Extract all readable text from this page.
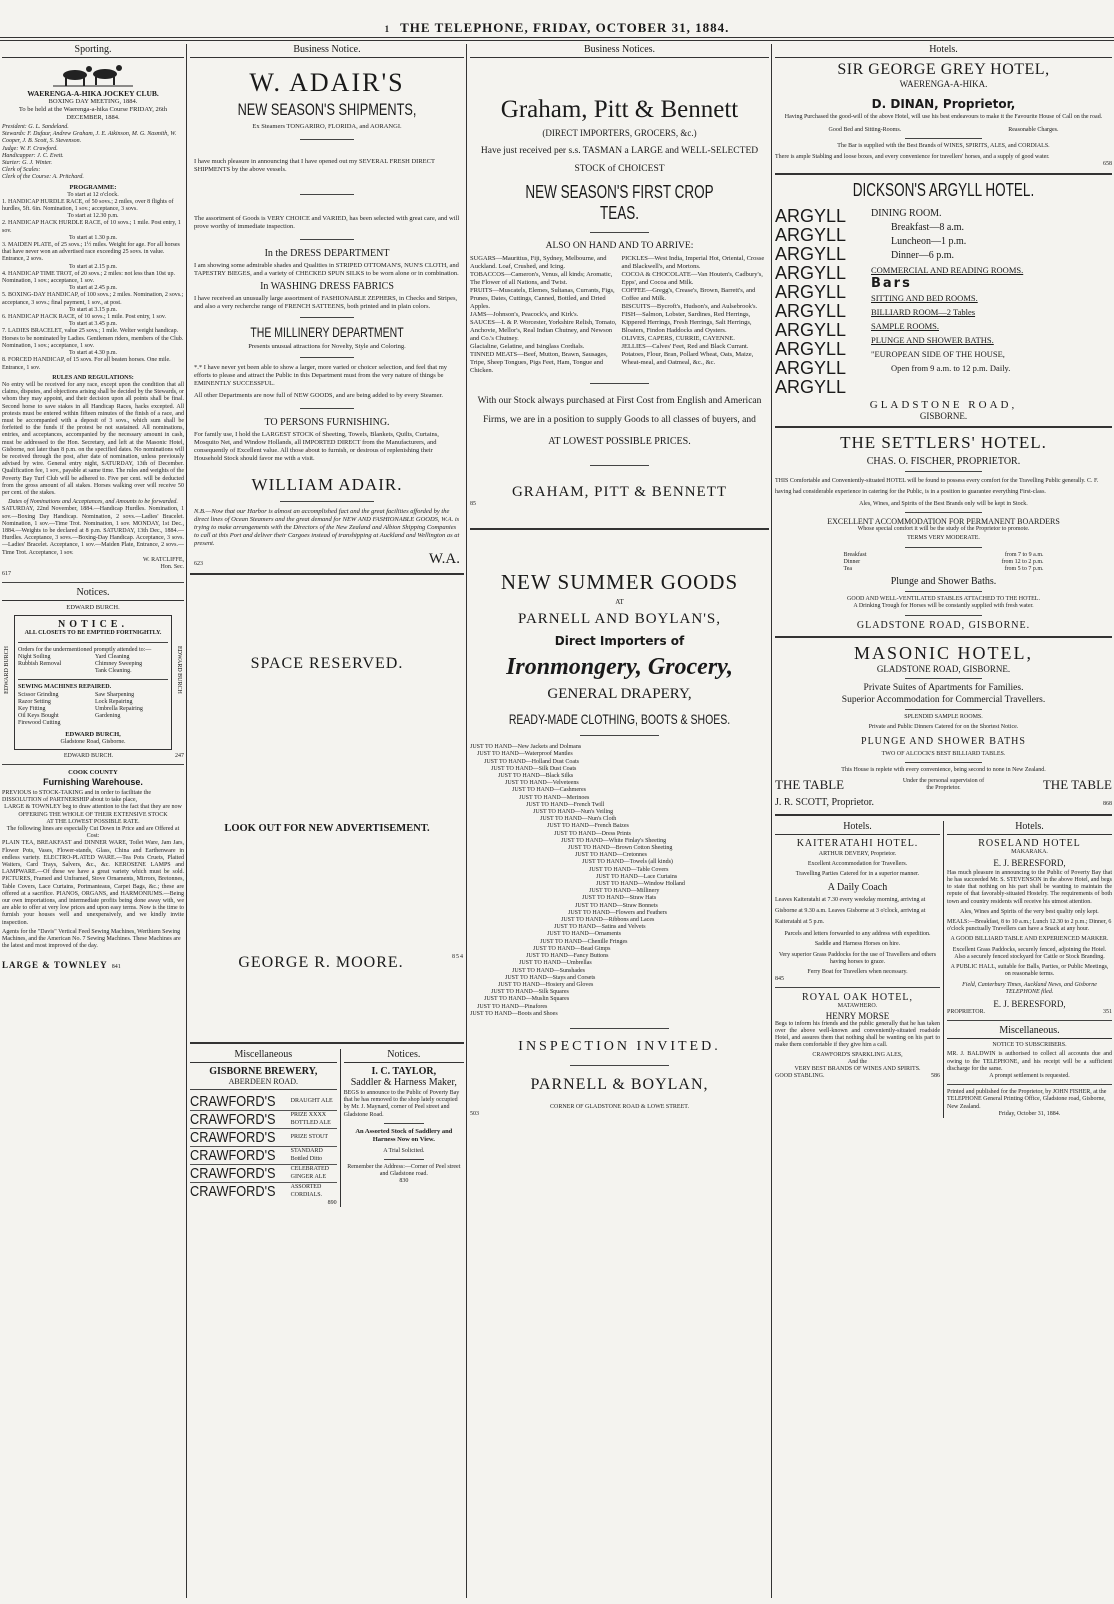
1 THE TELEPHONE, FRIDAY, OCTOBER 31, 1884.
Sporting.
WAERENGA-A-HIKA JOCKEY CLUB.
BOXING DAY MEETING, 1884.
To be held at the Waerenga-a-hika Course FRIDAY, 26th DECEMBER, 1884.

President: G. L. Sandeland.

Stewards: F. Dufaur, Andrew Graham, J. E. Atkinson, M. G. Nasmith, W. Cooper, J. B. Scott, S. Stevenson.

Judge: W. F. Crawford.

Handicapper: J. C. Evett.

Starter: G. J. Winter.

Clerk of Scales:

Clerk of the Course: A. Pritchard.

PROGRAMME:
To start at 12 o'clock.

1. HANDICAP HURDLE RACE, of 50 sovs.; 2 miles, over 8 flights of hurdles, 5ft. 6in. Nomination, 1 sov.; acceptance, 3 sovs.

To start at 12.30 p.m.

2. HANDICAP HACK HURDLE RACE, of 10 sovs.; 1 mile. Post entry, 1 sov.

To start at 1.30 p.m.

3. MAIDEN PLATE, of 25 sovs.; 1½ miles. Weight for age. For all horses that have never won an advertised race exceeding 25 sovs. in value. Entrance, 2 sovs.

To start at 2.15 p.m.

4. HANDICAP TIME TROT, of 20 sovs.; 2 miles: not less than 10st up. Nomination, 1 sov.; acceptance, 1 sov.

To start at 2.45 p.m.

5. BOXING-DAY HANDICAP, of 100 sovs.; 2 miles. Nomination, 2 sovs.; acceptance, 3 sovs.; final payment, 1 sov., at post.

To start at 3.15 p.m.

6. HANDICAP HACK RACE, of 10 sovs.; 1 mile. Post entry, 1 sov.

To start at 3.45 p.m.

7. LADIES BRACELET, value 25 sovs.; 1 mile. Welter weight handicap. Horses to be nominated by Ladies. Gentlemen riders, members of the Club. Nomination, 1 sov.; acceptance, 1 sov.

To start at 4.30 p.m.

8. FORCED HANDICAP, of 15 sovs. For all beaten horses. One mile. Entrance, 1 sov.

RULES AND REGULATIONS:
No entry will be received for any race, except upon the condition that all claims, disputes, and objections arising shall be decided by the Stewards, or whom they may appoint, and their decision upon all points shall be final. Second horse to save stakes in all Handicap Races, hacks excepted. All protests must be entered within fifteen minutes of the finish of a race, and must be accompanied with a deposit of 3 sovs., which sum shall be forfeited to the funds if the protest be not sustained. All nominations, entries, and acceptances, accompanied by the necessary amount in cash, must be addressed to the Hon. Secretary, and left at the Masonic Hotel, Gisborne, not later than 8 p.m. on the specified dates. No nominations will be received through the post, after date of nomination, unless previously advised by wire. General entry night, SATURDAY, 13th of December. Qualification fee, 1 sov., payable at same time. The rules and weights of the Poverty Bay Turf Club will be adhered to. Five per cent. will be deducted from the gross amount of all stakes. Horses walking over will receive 50 per cent. of the stakes.
Dates of Nominations and Acceptances, and Amounts to be forwarded.
SATURDAY, 22nd November, 1884.—Handicap Hurdles. Nomination, 1 sov.—Boxing Day Handicap. Nomination, 2 sovs.—Ladies' Bracelet. Nomination, 1 sov.—Time Trot. Nomination, 1 sov. MONDAY, 1st Dec., 1884.—Weights to be declared at 8 p.m. SATURDAY, 13th Dec., 1884.—Hurdles. Acceptance, 3 sovs.—Boxing-Day Handicap. Acceptance, 3 sovs.—Ladies' Bracelet. Acceptance, 1 sov.—Maiden Plate, Entrance, 2 sovs.—Time Trot. Acceptance, 1 sov.
W. RATCLIFFE,
Hon. Sec.
617
Notices.
EDWARD BURCH.
NOTICE.
ALL CLOSETS TO BE EMPTIED FORTNIGHTLY.
Orders for the undermentioned promptly attended to:—

Night Soiling

Rubbish Removal

Yard Cleaning

Chimney Sweeping

Tank Cleaning.

SEWING MACHINES REPAIRED.

Scissor Grinding

Razor Setting

Key Fitting

Oil Keys Bought

Firewood Cutting

Saw Sharpening

Lock Repairing

Umbrella Repairing

Gardening

EDWARD BURCH,
Gladstone Road, Gisborne.
EDWARD BURCH	EDWARD BURCH
EDWARD BURCH.	247
COOK COUNTY
Furnishing Warehouse.
PREVIOUS to STOCK-TAKING and in order to facilitate the DISSOLUTION of PARTNERSHIP about to take place,
LARGE & TOWNLEY beg to draw attention to the fact that they are now
OFFERING THE WHOLE OF THEIR EXTENSIVE STOCK
AT THE LOWEST POSSIBLE RATE.
The following lines are especially Cut Down in Price and are Offered at Cost:
PLAIN TEA, BREAKFAST and DINNER WARE, Toilet Ware, Jam Jars, Flower Pots, Vases, Flower-stands, Glass, China and Earthenware in endless variety. ELECTRO-PLATED WARE.—Tea Pots Cruets, Plaited Waiters, Card Trays, Salvers, &c., &c. KEROSENE LAMPS and LAMPWARE.—Of these we have a great variety which must be sold. PICTURES, Framed and Unframed, Stove Ornaments, Mirrors, Bretonnes, Table Covers, Lace Curtains, Portmanteaus, Carpet Bags, &c.; these are offered at a sacrifice. PIANOS, ORGANS, and HARMONIUMS.—Being our own importations, and intermediate profits being done away with, we are able to offer at very low prices and upon easy terms. Now is the time to furnish your houses well and unexpensively, and we kindly invite inspection.
Agents for the "Davis" Vertical Feed Sewing Machines, Werthiem Sewing Machines, and the American No. 7 Sewing Machines. These Machines are the latest and most improved of the day.
LARGE & TOWNLEY 841
Business Notice.
W. ADAIR'S
NEW SEASON'S SHIPMENTS,
Ex Steamers TONGARIRO, FLORIDA, and AORANGI.
I have much pleasure in announcing that I have opened out my SEVERAL FRESH DIRECT SHIPMENTS by the above vessels.
The assortment of Goods is VERY CHOICE and VARIED, has been selected with great care, and will prove worthy of immediate inspection.
In the DRESS DEPARTMENT
I am showing some admirable shades and Qualities in STRIPED OTTOMAN'S, NUN'S CLOTH, and TAPESTRY BIEGES, and a variety of CHECKED SPUN SILKS to be worn alone or in combination.
In WASHING DRESS FABRICS
I have received an unusually large assortment of FASHIONABLE ZEPHERS, in Checks and Stripes, and also a very recherche range of FRENCH SATTEENS, both printed and in plain colors.
THE MILLINERY DEPARTMENT
Presents unusual attractions for Novelty, Style and Coloring.
*.* I have never yet been able to show a larger, more varied or choicer selection, and feel that my efforts to please and attract the Public in this Department must from the very nature of things be EMINENTLY SUCCESSFUL.
All other Departments are now full of NEW GOODS, and are being added to by every Steamer.
TO PERSONS FURNISHING.
For family use, I hold the LARGEST STOCK of Sheeting, Towels, Blankets, Quilts, Curtains, Mosquito Net, and Window Hollands, all IMPORTED DIRECT from the Manufacturers, and consequently of Excellent value. All those about to furnish, or desirous of replenishing their Household Stock should favor me with a visit.
WILLIAM ADAIR.
N.B.—Now that our Harbor is almost an accomplished fact and the great facilities afforded by the direct lines of Ocean Steamers and the great demand for NEW AND FASHIONABLE GOODS, W.A. is trying to make arrangements with the Directors of the New Zealand and Albion Shipping Companies to call at this Port and deliver their Cargoes instead of transhipping at Auckland and Wellington as at present.
623	W.A.
SPACE RESERVED.
LOOK OUT FOR NEW ADVERTISEMENT.
GEORGE R. MOORE.	854
Miscellaneous
GISBORNE BREWERY,
ABERDEEN ROAD.
CRAWFORD'S	DRAUGHT ALE
CRAWFORD'S	PRIZE XXXX BOTTLED ALE
CRAWFORD'S	PRIZE STOUT
CRAWFORD'S	STANDARD Bottled Ditto
CRAWFORD'S	CELEBRATED GINGER ALE
CRAWFORD'S	ASSORTED CORDIALS.
890
Notices.
I. C. TAYLOR,
Saddler & Harness Maker,
BEGS to announce to the Public of Poverty Bay that he has removed to the shop lately occupied by Mr. J. Maynard, corner of Peel street and Gladstone Road.
An Assorted Stock of Saddlery and Harness Now on View.
A Trial Solicited.
Remember the Address:—Corner of Peel street and Gladstone road.
830
Business Notices.
Graham, Pitt & Bennett
(DIRECT IMPORTERS, GROCERS, &c.)
Have just received per s.s. TASMAN a LARGE and WELL-SELECTED STOCK of CHOICEST
NEW SEASON'S FIRST CROP TEAS.
ALSO ON HAND AND TO ARRIVE:

SUGARS—Mauritius, Fiji, Sydney, Melbourne, and Auckland. Loaf, Crushed, and Icing.

TOBACCOS—Cameron's, Venus, all kinds; Aromatic, The Flower of all Nations, and Twist.

FRUITS—Muscatels, Elemes, Sultanas, Currants, Figs, Prunes, Dates, Cuttings, Canned, Bottled, and Dried Apples.

JAMS—Johnson's, Peacock's, and Kirk's.

SAUCES—L & P. Worcester, Yorkshire Relish, Tomato, Anchovie, Mellor's, Real Indian Chutney, and Newson and Co.'s Chutney.

Glacialine, Gelatine, and Isinglass Cordials.

TINNED MEATS—Beef, Mutton, Brawn, Sausages, Tripe, Sheep Tongues, Pigs Feet, Ham, Tongue and Chicken.

PICKLES—West India, Imperial Hot, Oriental, Crosse and Blackwell's, and Mortons.

COCOA & CHOCOLATE—Van Houten's, Cadbury's, Epps', and Cocoa and Milk.

COFFEE—Gregg's, Crease's, Brown, Barrett's, and Coffee and Milk.

BISCUITS—Bycroft's, Hudson's, and Aulsebrook's.

FISH—Salmon, Lobster, Sardines, Red Herrings, Kippered Herrings, Fresh Herrings, Salt Herrings, Bloaters, Findon Haddocks and Oysters.

OLIVES, CAPERS, CURRIE, CAYENNE.

JELLIES—Calves' Feet, Red and Black Currant.

Potatoes, Flour, Bran, Pollard Wheat, Oats, Maize, Wheat-meal, and Oatmeal, &c., &c.

With our Stock always purchased at First Cost from English and American Firms, we are in a position to supply Goods to all classes of buyers, and
AT LOWEST POSSIBLE PRICES.
GRAHAM, PITT & BENNETT
85
NEW SUMMER GOODS
AT
PARNELL AND BOYLAN'S,
Direct Importers of
Ironmongery, Grocery,
GENERAL DRAPERY,
READY-MADE CLOTHING, BOOTS & SHOES.

JUST TO HAND—New Jackets and Dolmans

JUST TO HAND—Waterproof Mantles

JUST TO HAND—Holland Dust Coats

JUST TO HAND—Silk Dust Coats

JUST TO HAND—Black Silks

JUST TO HAND—Velveteens

JUST TO HAND—Cashmeres

JUST TO HAND—Merinoes

JUST TO HAND—French Twill

JUST TO HAND—Nun's Veiling

JUST TO HAND—Nun's Cloth

JUST TO HAND—French Baizes

JUST TO HAND—Dress Prints

JUST TO HAND—White Finlay's Sheeting

JUST TO HAND—Brown Cotton Sheeting

JUST TO HAND—Cretonnes

JUST TO HAND—Towels (all kinds)

JUST TO HAND—Table Covers

JUST TO HAND—Lace Curtains

JUST TO HAND—Window Holland

JUST TO HAND—Millinery

JUST TO HAND—Straw Hats

JUST TO HAND—Straw Bonnets

JUST TO HAND—Flowers and Feathers

JUST TO HAND—Ribbons and Laces

JUST TO HAND—Satins and Velvets

JUST TO HAND—Ornaments

JUST TO HAND—Chenille Fringes

JUST TO HAND—Bead Gimps

JUST TO HAND—Fancy Buttons

JUST TO HAND—Umbrellas

JUST TO HAND—Sunshades

JUST TO HAND—Stays and Corsets

JUST TO HAND—Hosiery and Gloves

JUST TO HAND—Silk Squares

JUST TO HAND—Muslin Squares

JUST TO HAND—Pinafores

JUST TO HAND—Boots and Shoes

INSPECTION INVITED.
PARNELL & BOYLAN,
CORNER OF GLADSTONE ROAD & LOWE STREET.
503
Hotels.
SIR GEORGE GREY HOTEL,
WAERENGA-A-HIKA.
D. DINAN, Proprietor,
Having Purchased the good-will of the above Hotel, will use his best endeavours to make it the Favourite House of Call on the road.
Good Bed and Sitting-Rooms.	Reasonable Charges.
The Bar is supplied with the Best Brands of WINES, SPIRITS, ALES, and CORDIALS.
There is ample Stabling and loose boxes, and every convenience for travellers' horses, and a supply of good water.
658
DICKSON'S ARGYLL HOTEL.
ARGYLL
ARGYLL
ARGYLL
ARGYLL
ARGYLL
ARGYLL
ARGYLL
ARGYLL
ARGYLL
ARGYLL

DINING ROOM.

Breakfast—8 a.m.

Luncheon—1 p.m.

Dinner—6 p.m.

COMMERCIAL AND READING ROOMS.

Bars

SITTING AND BED ROOMS.

BILLIARD ROOM—2 Tables

SAMPLE ROOMS.

PLUNGE AND SHOWER BATHS.

"EUROPEAN SIDE OF THE HOUSE,

Open from 9 a.m. to 12 p.m. Daily.

GLADSTONE ROAD,
GISBORNE.
THE SETTLERS' HOTEL.
CHAS. O. FISCHER, PROPRIETOR.
THIS Comfortable and Conveniently-situated HOTEL will be found to possess every comfort for the Travelling Public generally. C. F. having had considerable experience in catering for the Public, is in a position to guarantee everything First-class.
Ales, Wines, and Spirits of the Best Brands only will be kept in Stock.
EXCELLENT ACCOMMODATION FOR PERMANENT BOARDERS
Whose special comfort it will be the study of the Proprietor to promote.
TERMS VERY MODERATE.
Breakfast	from 7 to 9 a.m.
Dinner	from 12 to 2 p.m.
Tea	from 5 to 7 p.m.
Plunge and Shower Baths.
GOOD AND WELL-VENTILATED STABLES ATTACHED TO THE HOTEL.
A Drinking Trough for Horses will be constantly supplied with fresh water.
GLADSTONE ROAD, GISBORNE.
MASONIC HOTEL,
GLADSTONE ROAD, GISBORNE.
Private Suites of Apartments for Families.
Superior Accommodation for Commercial Travellers.
SPLENDID SAMPLE ROOMS.
Private and Public Dinners Catered for on the Shortest Notice.
PLUNGE AND SHOWER BATHS
TWO OF ALCOCK'S BEST BILLIARD TABLES.
This House is replete with every convenience, being second to none in New Zealand.
THE TABLE	Under the personal supervision of the Proprietor.	THE TABLE
J. R. SCOTT, Proprietor.	868
Hotels.
KAITERATAHI HOTEL.
ARTHUR DEVERY, Proprietor.
Excellent Accommodation for Travellers.
Travelling Parties Catered for in a superior manner.
A Daily Coach
Leaves Kaiteratahi at 7.30 every weekday morning, arriving at Gisborne at 9.30 a.m. Leaves Gisborne at 3 o'clock, arriving at Kaiteratahi at 5 p.m.
Parcels and letters forwarded to any address with expedition.
Saddle and Harness Horses on hire.
Very superior Grass Paddocks for the use of Travellers and others having horses to graze.
Ferry Boat for Travellers when necessary.
845
ROYAL OAK HOTEL,
MATAWHERO.
HENRY MORSE
Begs to inform his friends and the public generally that he has taken over the above well-known and conveniently-situated roadside Hotel, and assures them that nothing shall be wanting on his part to make them comfortable if they give him a call.
CRAWFORD'S SPARKLING ALES,
And the
VERY BEST BRANDS OF WINES AND SPIRITS.
GOOD STABLING.	586
Hotels.
ROSELAND HOTEL
MAKARAKA.
E. J. BERESFORD,
Has much pleasure in announcing to the Public of Poverty Bay that he has succeeded Mr. S. STEVENSON in the above Hotel, and begs to state that nothing on his part shall be wanting to maintain the repute of that favorably-situated Hostelry. The requirements of both town and country residents will receive his utmost attention.
Ales, Wines and Spirits of the very best quality only kept.
MEALS:—Breakfast, 8 to 10 a.m.; Lunch 12.30 to 2 p.m.; Dinner, 6 o'clock punctually Travellers can have a Snack at any hour.
A GOOD BILLIARD TABLE AND EXPERIENCED MARKER.
Excellent Grass Paddocks, securely fenced, adjoining the Hotel. Also a securely fenced stockyard for Cattle or Stock Branding.
A PUBLIC HALL, suitable for Balls, Parties, or Public Meetings, on reasonable terms.
Field, Canterbury Times, Auckland News, and Gisborne TELEPHONE filed.
E. J. BERESFORD,
PROPRIETOR.	351
Miscellaneous.
NOTICE TO SUBSCRIBERS.
MR. J. BALDWIN is authorised to collect all accounts due and owing to the TELEPHONE, and his receipt will be a sufficient discharge for the same.
A prompt settlement is requested.
Printed and published for the Proprietor, by JOHN FISHER, at the TELEPHONE General Printing Office, Gladstone road, Gisborne, New Zealand.
Friday, October 31, 1884.
